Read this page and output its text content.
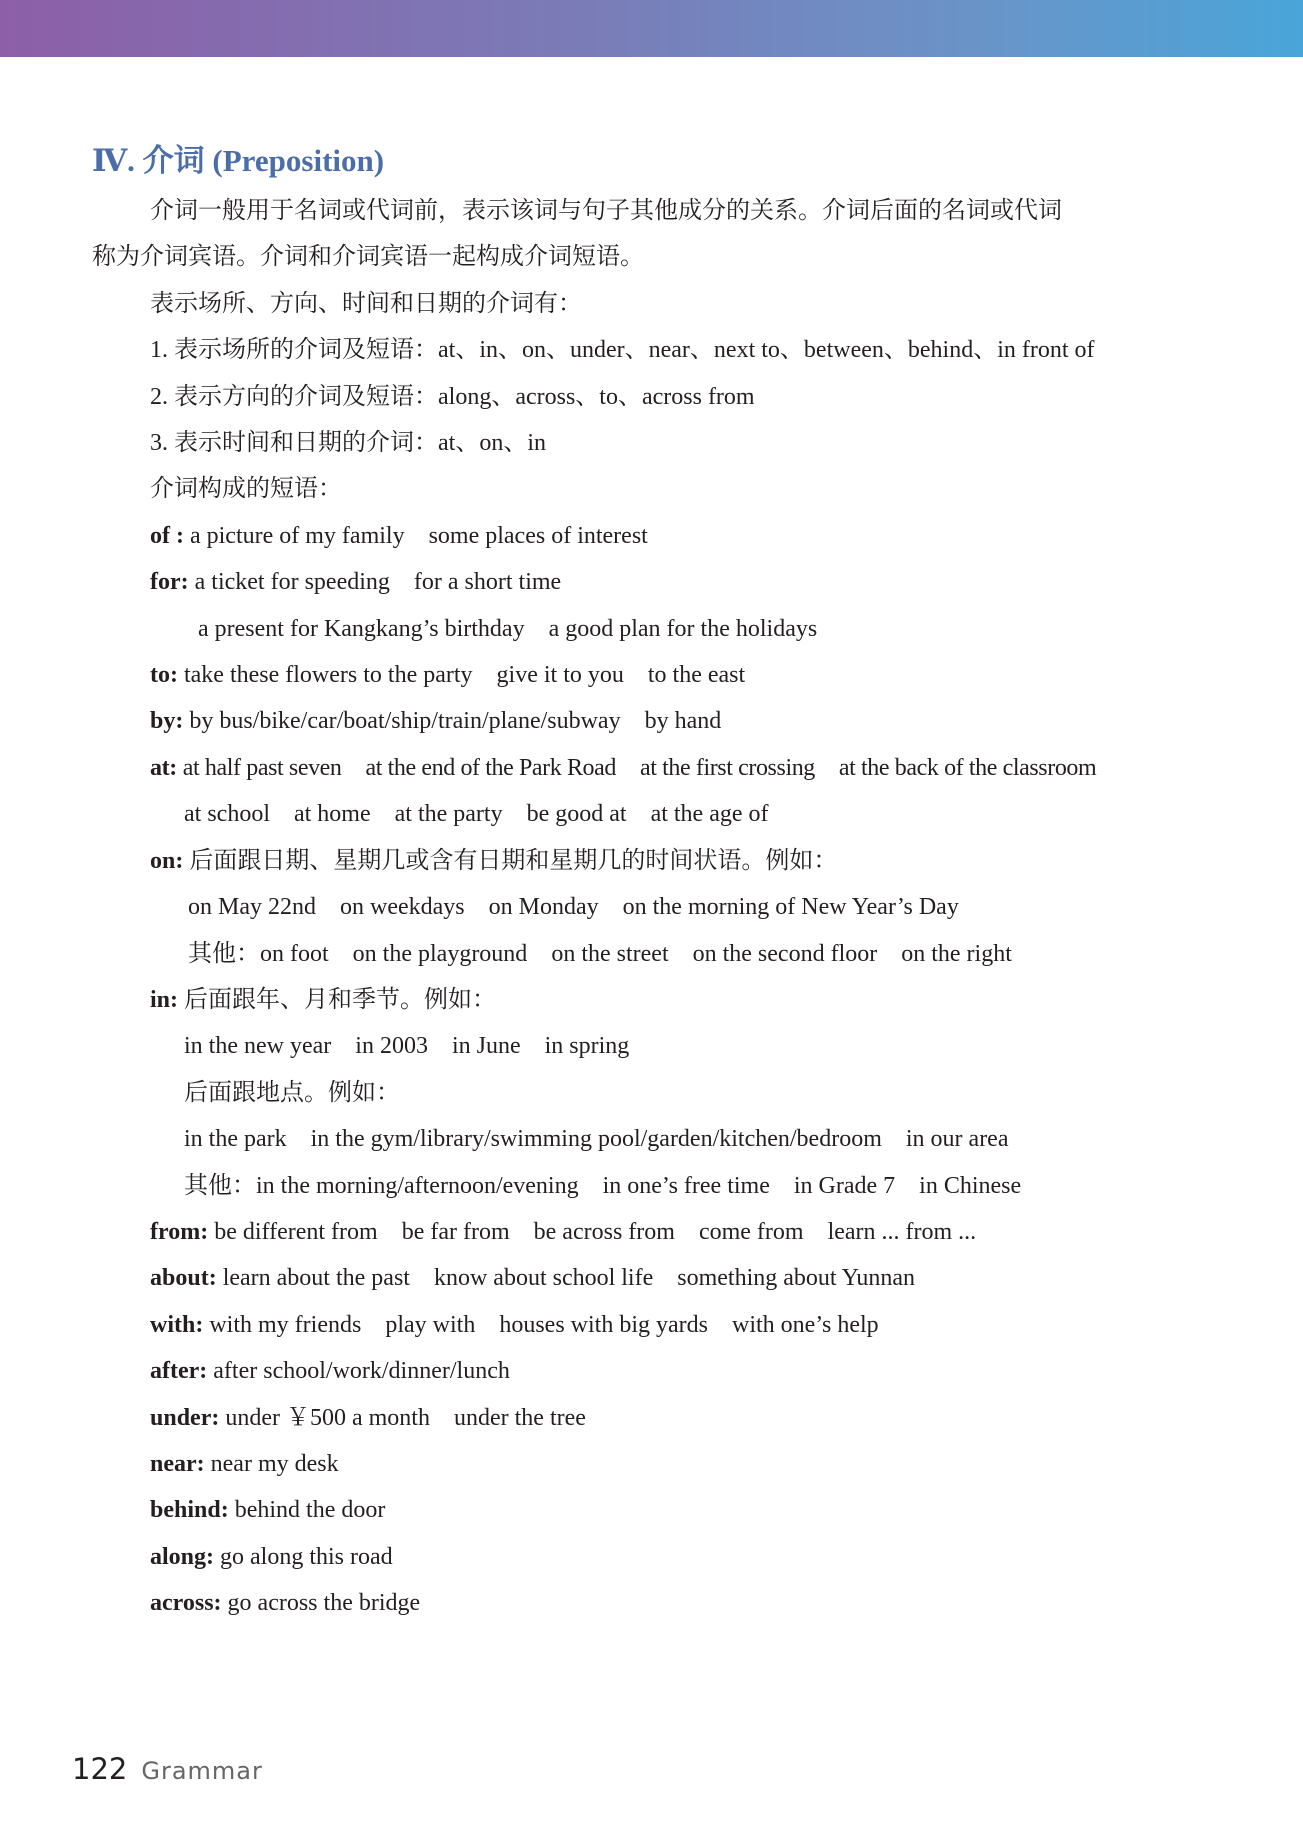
Ⅳ. 介词 (Preposition)
介词一般用于名词或代词前，表示该词与句子其他成分的关系。介词后面的名词或代词
称为介词宾语。介词和介词宾语一起构成介词短语。
表示场所、方向、时间和日期的介词有：
1. 表示场所的介词及短语：at、in、on、under、near、next to、between、behind、in front of
2. 表示方向的介词及短语：along、across、to、across from
3. 表示时间和日期的介词：at、on、in
介词构成的短语：
of : a picture of my family some places of interest
for: a ticket for speeding for a short time
a present for Kangkang’s birthday a good plan for the holidays
to: take these flowers to the party give it to you to the east
by: by bus/bike/car/boat/ship/train/plane/subway by hand
at: at half past seven at the end of the Park Road at the first crossing at the back of the classroom
at school at home at the party be good at at the age of
on: 后面跟日期、星期几或含有日期和星期几的时间状语。例如：
on May 22nd on weekdays on Monday on the morning of New Year’s Day
其他：on foot on the playground on the street on the second floor on the right
in: 后面跟年、月和季节。例如：
in the new year in 2003 in June in spring
后面跟地点。例如：
in the park in the gym/library/swimming pool/garden/kitchen/bedroom in our area
其他：in the morning/afternoon/evening in one’s free time in Grade 7 in Chinese
from: be different from be far from be across from come from learn ... from ...
about: learn about the past know about school life something about Yunnan
with: with my friends play with houses with big yards with one’s help
after: after school/work/dinner/lunch
under: under ￥500 a month under the tree
near: near my desk
behind: behind the door
along: go along this road
across: go across the bridge
122 Grammar
